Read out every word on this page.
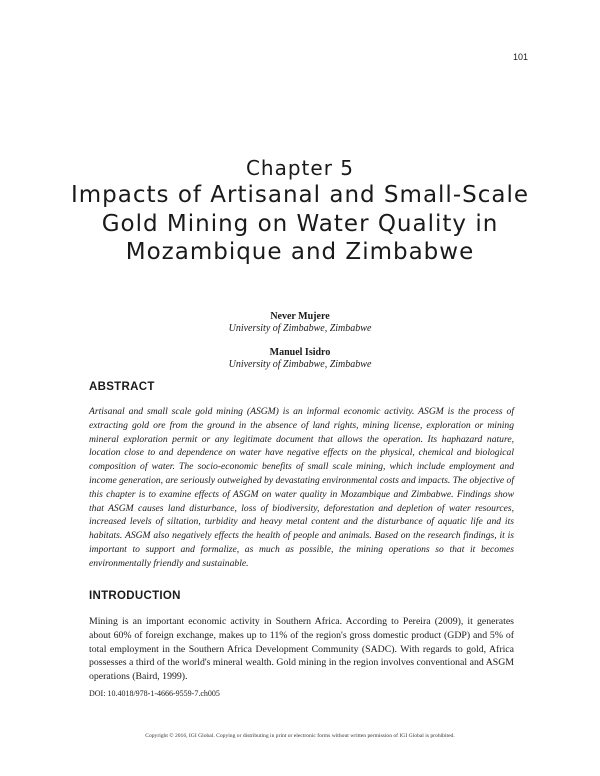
101
Chapter 5
Impacts of Artisanal and Small-Scale Gold Mining on Water Quality in Mozambique and Zimbabwe
Never Mujere
University of Zimbabwe, Zimbabwe
Manuel Isidro
University of Zimbabwe, Zimbabwe
ABSTRACT

Artisanal and small scale gold mining (ASGM) is an informal economic activity. ASGM is the process of extracting gold ore from the ground in the absence of land rights, mining license, exploration or mining mineral exploration permit or any legitimate document that allows the operation. Its haphazard nature, location close to and dependence on water have negative effects on the physical, chemical and biological composition of water. The socio-economic benefits of small scale mining, which include employment and income generation, are seriously outweighed by devastating environmental costs and impacts. The objective of this chapter is to examine effects of ASGM on water quality in Mozambique and Zimbabwe. Findings show that ASGM causes land disturbance, loss of biodiversity, deforestation and depletion of water resources, increased levels of siltation, turbidity and heavy metal content and the disturbance of aquatic life and its habitats. ASGM also negatively effects the health of people and animals. Based on the research findings, it is important to support and formalize, as much as possible, the mining operations so that it becomes environmentally friendly and sustainable.

INTRODUCTION

Mining is an important economic activity in Southern Africa. According to Pereira (2009), it generates about 60% of foreign exchange, makes up to 11% of the region's gross domestic product (GDP) and 5% of total employment in the Southern Africa Development Community (SADC). With regards to gold, Africa possesses a third of the world's mineral wealth. Gold mining in the region involves conventional and ASGM operations (Baird, 1999).

DOI: 10.4018/978-1-4666-9559-7.ch005
Copyright © 2016, IGI Global. Copying or distributing in print or electronic forms without written permission of IGI Global is prohibited.
